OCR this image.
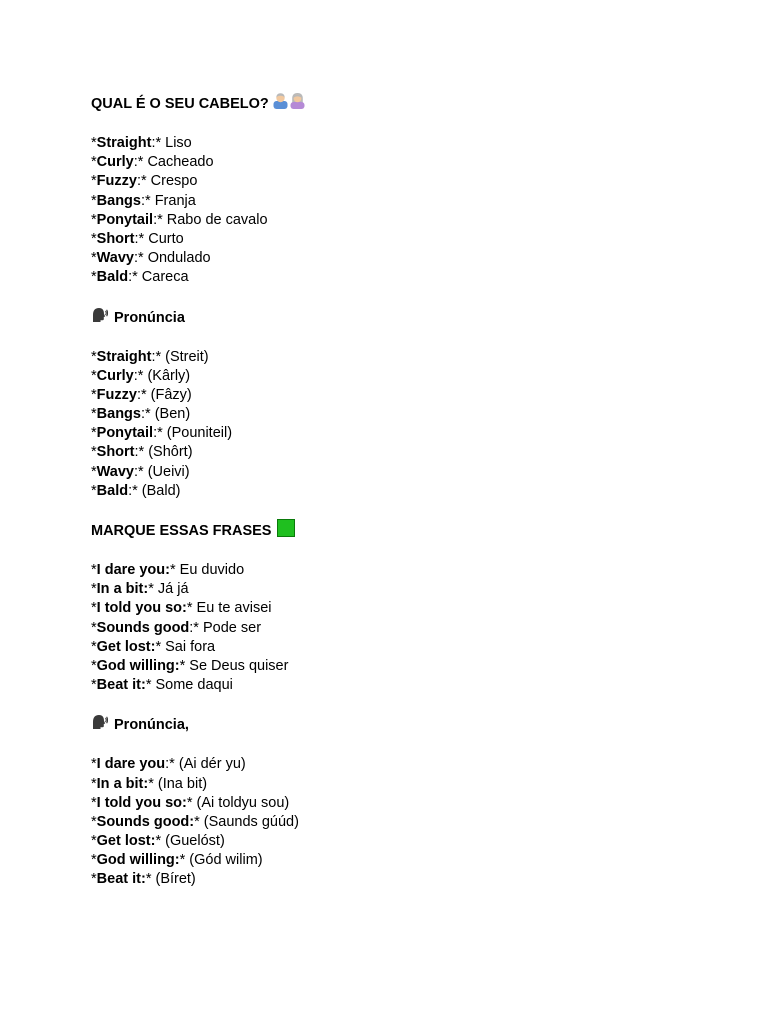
QUAL É O SEU CABELO?
*Straight:* Liso
*Curly:* Cacheado
*Fuzzy:* Crespo
*Bangs:* Franja
*Ponytail:* Rabo de cavalo
*Short:* Curto
*Wavy:* Ondulado
*Bald:* Careca
Pronúncia
*Straight:* (Streit)
*Curly:* (Kârly)
*Fuzzy:* (Fâzy)
*Bangs:* (Ben)
*Ponytail:* (Pouniteil)
*Short:* (Shôrt)
*Wavy:* (Ueivi)
*Bald:* (Bald)
MARQUE ESSAS FRASES
*I dare you:* Eu duvido
*In a bit:* Já já
*I told you so:* Eu te avisei
*Sounds good:* Pode ser
*Get lost:* Sai fora
*God willing:* Se Deus quiser
*Beat it:* Some daqui
Pronúncia,
*I dare you:* (Ai dér yu)
*In a bit:* (Ina bit)
*I told you so:* (Ai toldyu sou)
*Sounds good:* (Saunds gúúd)
*Get lost:* (Guelóst)
*God willing:* (Gód wilim)
*Beat it:* (Bíret)
